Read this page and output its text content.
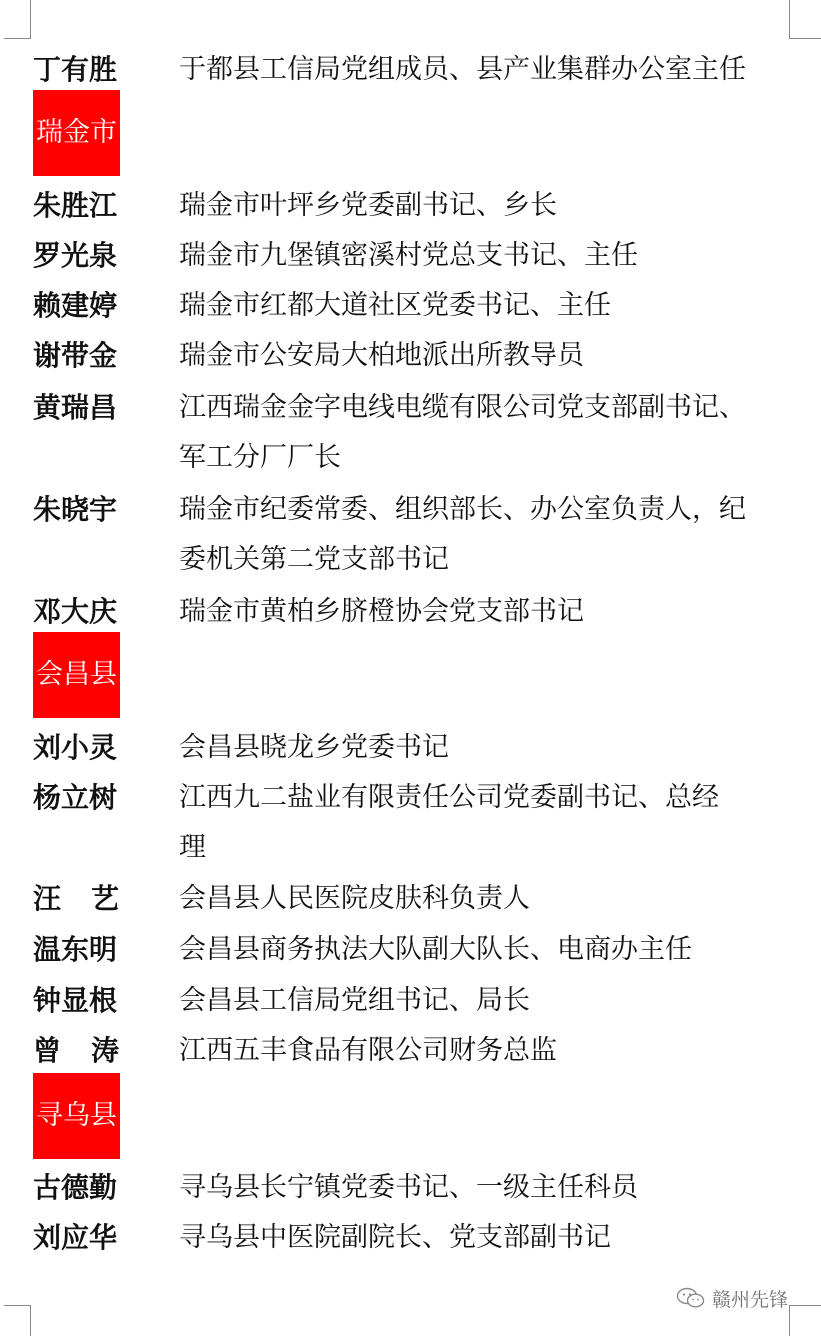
丁有胜 于都县工信局党组成员、县产业集群办公室主任
瑞金市
朱胜江 瑞金市叶坪乡党委副书记、乡长
罗光泉 瑞金市九堡镇密溪村党总支书记、主任
赖建婷 瑞金市红都大道社区党委书记、主任
谢带金 瑞金市公安局大柏地派出所教导员
黄瑞昌 江西瑞金金字电线电缆有限公司党支部副书记、
军工分厂厂长
朱晓宇 瑞金市纪委常委、组织部长、办公室负责人，纪
委机关第二党支部书记
邓大庆 瑞金市黄柏乡脐橙协会党支部书记
会昌县
刘小灵 会昌县晓龙乡党委书记
杨立树 江西九二盐业有限责任公司党委副书记、总经
理
汪艺 会昌县人民医院皮肤科负责人
温东明 会昌县商务执法大队副大队长、电商办主任
钟显根 会昌县工信局党组书记、局长
曾涛 江西五丰食品有限公司财务总监
寻乌县
古德勤 寻乌县长宁镇党委书记、一级主任科员
刘应华 寻乌县中医院副院长、党支部副书记
赣州先锋
